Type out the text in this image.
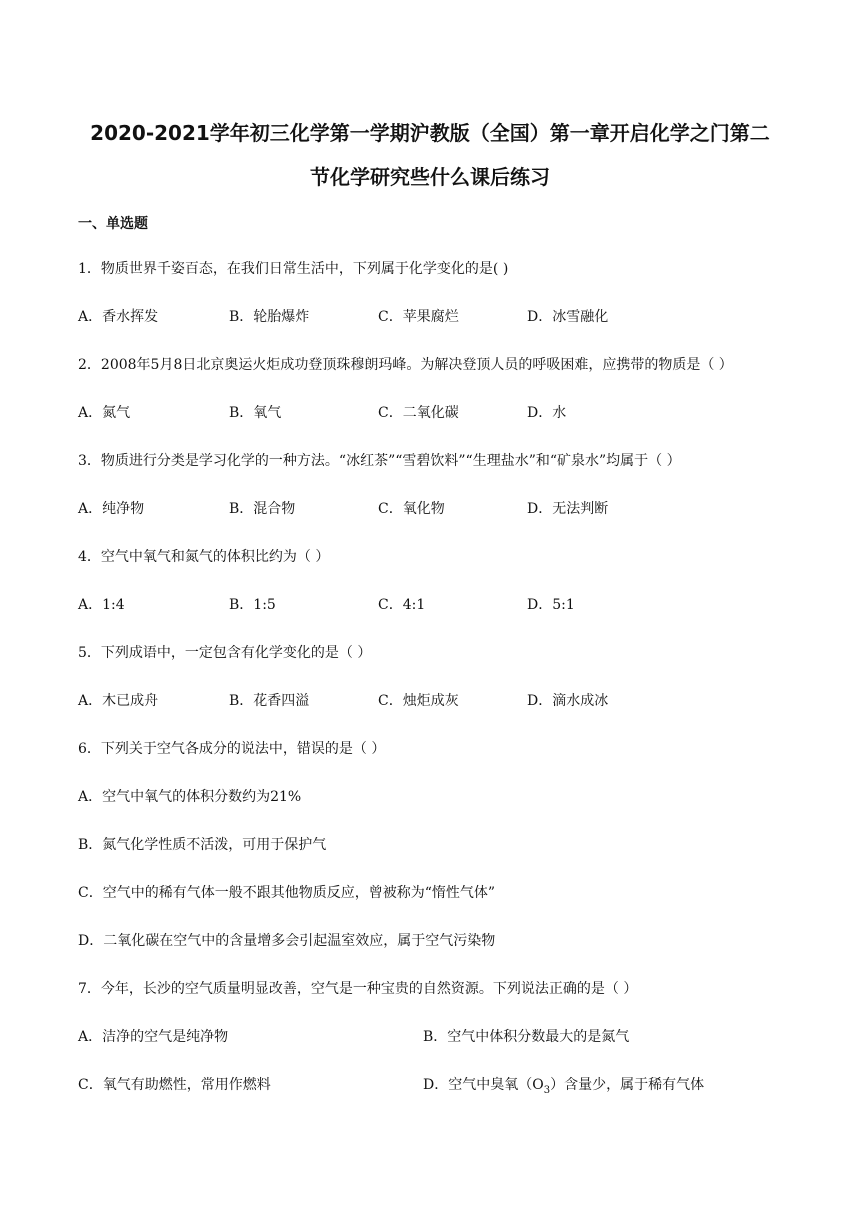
2020-2021学年初三化学第一学期沪教版（全国）第一章开启化学之门第二
节化学研究些什么课后练习
一、单选题
1．物质世界千姿百态，在我们日常生活中，下列属于化学变化的是( )
A．香水挥发	B．轮胎爆炸	C．苹果腐烂	D．冰雪融化
2．2008年5月8日北京奥运火炬成功登顶珠穆朗玛峰。为解决登顶人员的呼吸困难，应携带的物质是（ ）
A．氮气	B．氧气	C．二氧化碳	D．水
3．物质进行分类是学习化学的一种方法。“冰红茶”“雪碧饮料”“生理盐水”和“矿泉水”均属于（ ）
A．纯净物	B．混合物	C．氧化物	D．无法判断
4．空气中氧气和氮气的体积比约为（ ）
A．1:4	B．1:5	C．4:1	D．5:1
5．下列成语中，一定包含有化学变化的是（ ）
A．木已成舟	B．花香四溢	C．烛炬成灰	D．滴水成冰
6．下列关于空气各成分的说法中，错误的是（ ）
A．空气中氧气的体积分数约为21%
B．氮气化学性质不活泼，可用于保护气
C．空气中的稀有气体一般不跟其他物质反应，曾被称为“惰性气体”
D．二氧化碳在空气中的含量增多会引起温室效应，属于空气污染物
7．今年，长沙的空气质量明显改善，空气是一种宝贵的自然资源。下列说法正确的是（ ）
A．洁净的空气是纯净物	B．空气中体积分数最大的是氮气
C．氧气有助燃性，常用作燃料	D．空气中臭氧$(O_3)$含量少，属于稀有气体
